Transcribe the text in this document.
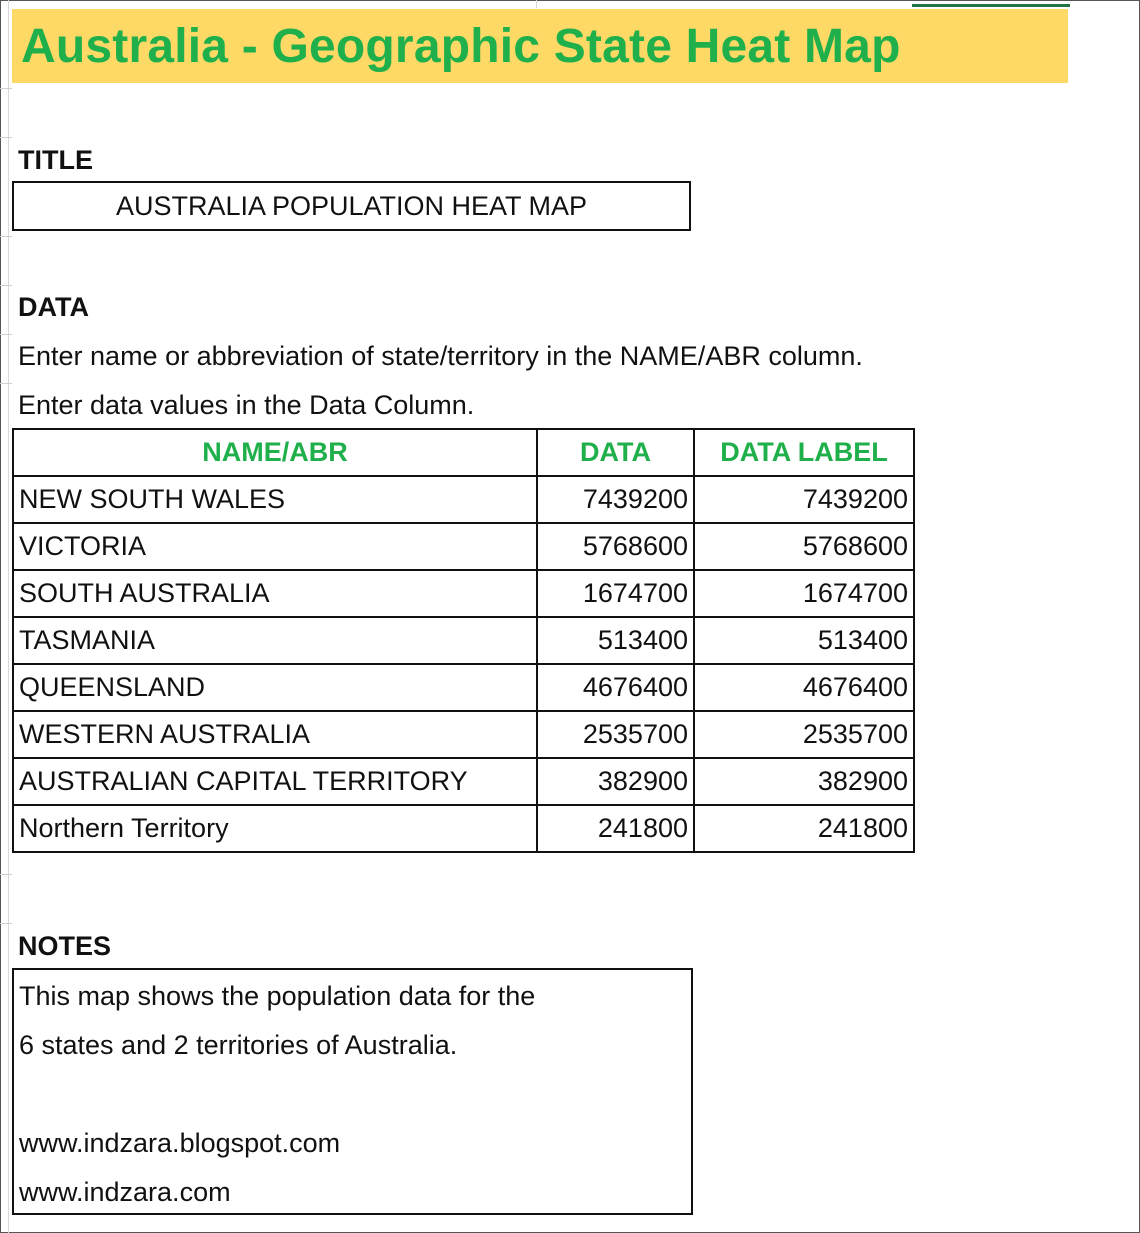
Australia - Geographic State Heat Map
TITLE
AUSTRALIA POPULATION HEAT MAP
DATA
Enter name or abbreviation of state/territory in the NAME/ABR column.
Enter data values in the Data Column.
NAME/ABR	DATA	DATA LABEL
NEW SOUTH WALES	7439200	7439200
VICTORIA	5768600	5768600
SOUTH AUSTRALIA	1674700	1674700
TASMANIA	513400	513400
QUEENSLAND	4676400	4676400
WESTERN AUSTRALIA	2535700	2535700
AUSTRALIAN CAPITAL TERRITORY	382900	382900
Northern Territory	241800	241800
NOTES
This map shows the population data for the
6 states and 2 territories of Australia.
www.indzara.blogspot.com
www.indzara.com
